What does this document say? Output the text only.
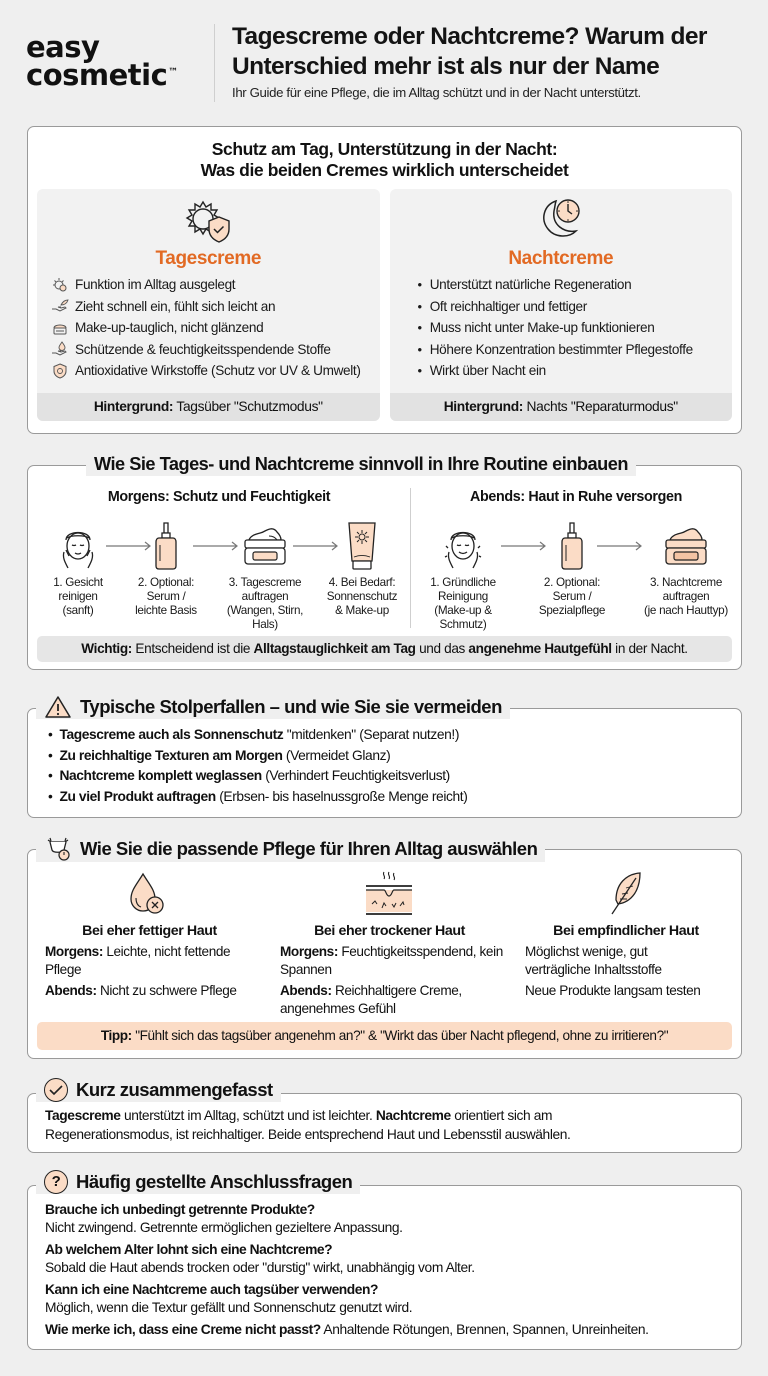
easy
cosmetic™
Tagescreme oder Nachtcreme? Warum der Unterschied mehr ist als nur der Name
Ihr Guide für eine Pflege, die im Alltag schützt und in der Nacht unterstützt.
Schutz am Tag, Unterstützung in der Nacht:
Was die beiden Cremes wirklich unterscheidet
Tagescreme
Funktion im Alltag ausgelegt
Zieht schnell ein, fühlt sich leicht an
Make-up-tauglich, nicht glänzend
Schützende & feuchtigkeitsspendende Stoffe
Antioxidative Wirkstoffe (Schutz vor UV & Umwelt)
Hintergrund: Tagsüber "Schutzmodus"
Nachtcreme
• Unterstützt natürliche Regeneration
• Oft reichhaltiger und fettiger
• Muss nicht unter Make-up funktionieren
• Höhere Konzentration bestimmter Pflegestoffe
• Wirkt über Nacht ein
Hintergrund: Nachts "Reparaturmodus"
Wie Sie Tages- und Nachtcreme sinnvoll in Ihre Routine einbauen
Morgens: Schutz und Feuchtigkeit
1. Gesicht
reinigen
(sanft)
2. Optional:
Serum /
leichte Basis
3. Tagescreme
auftragen
(Wangen, Stirn,
Hals)
4. Bei Bedarf:
Sonnenschutz
& Make-up
Abends: Haut in Ruhe versorgen
1. Gründliche
Reinigung
(Make-up &
Schmutz)
2. Optional:
Serum /
Spezialpflege
3. Nachtcreme
auftragen
(je nach Hauttyp)
Wichtig: Entscheidend ist die Alltagstauglichkeit am Tag und das angenehme Hautgefühl in der Nacht.
Typische Stolperfallen – und wie Sie sie vermeiden
• Tagescreme auch als Sonnenschutz "mitdenken" (Separat nutzen!)
• Zu reichhaltige Texturen am Morgen (Vermeidet Glanz)
• Nachtcreme komplett weglassen (Verhindert Feuchtigkeitsverlust)
• Zu viel Produkt auftragen (Erbsen- bis haselnussgroße Menge reicht)
Wie Sie die passende Pflege für Ihren Alltag auswählen
Bei eher fettiger Haut

Morgens: Leichte, nicht fettende Pflege

Abends: Nicht zu schwere Pflege

Bei eher trockener Haut

Morgens: Feuchtigkeitsspendend, kein Spannen

Abends: Reichhaltigere Creme, angenehmes Gefühl

Bei empfindlicher Haut

Möglichst wenige, gut verträgliche Inhaltsstoffe

Neue Produkte langsam testen

Tipp: "Fühlt sich das tagsüber angenehm an?" & "Wirkt das über Nacht pflegend, ohne zu irritieren?"
Kurz zusammengefasst

Tagescreme unterstützt im Alltag, schützt und ist leichter. Nachtcreme orientiert sich am Regenerationsmodus, ist reichhaltiger. Beide entsprechend Haut und Lebensstil auswählen.

? Häufig gestellte Anschlussfragen
Brauche ich unbedingt getrennte Produkte?
Nicht zwingend. Getrennte ermöglichen gezieltere Anpassung.
Ab welchem Alter lohnt sich eine Nachtcreme?
Sobald die Haut abends trocken oder "durstig" wirkt, unabhängig vom Alter.
Kann ich eine Nachtcreme auch tagsüber verwenden?
Möglich, wenn die Textur gefällt und Sonnenschutz genutzt wird.
Wie merke ich, dass eine Creme nicht passt? Anhaltende Rötungen, Brennen, Spannen, Unreinheiten.
